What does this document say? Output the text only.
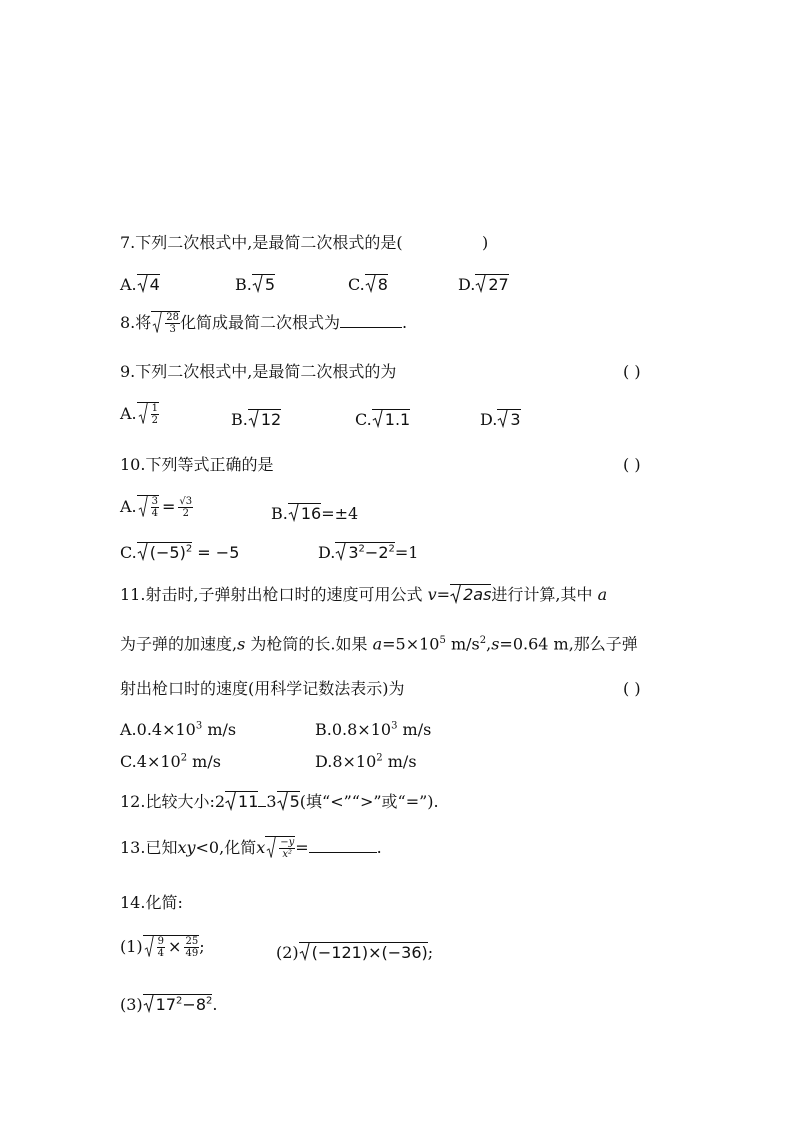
7.下列二次根式中,是最简二次根式的是(	)
A. 4	B. 5	C. 8	D. 27
8.将 $\frac{28}{3}$ 化简成最简二次根式为	.
9.下列二次根式中,是最简二次根式的为	( )
A. $\frac{1}{2}$	B. 12	C. 1.1	D. 3
10.下列等式正确的是	( )
A. $\frac{3}{4} = \frac{√3}{2}$	B. 16=±4
C. $(-5)^2 = -5$	D. $3^2-2^2=1$
11.射击时,子弹射出枪口时的速度可用公式 v= 2as进行计算,其中 a
为子弹的加速度,s 为枪筒的长.如果 $a=5\times 10^5$ $m/s^2,s=0.64$ m,那么子弹
射出枪口时的速度(用科学记数法表示)为	( )
$A.0.4\times 10^3$ m/s	$B.0.8\times 10^3$ m/s
$C.4\times 10^2$ m/s	$D.8\times 10^2$ m/s
12.比较大小:2 11 3 5(填“<”“>”或“=”).
13.已知xy<0,化简x $\frac{-y}{\text{x²}}$ =	.
14.化简:
$(1) \frac{9}{4} \times \frac{25}{49}$ ;	(2) (−121)×(−36);
(3) $17^2-8^2$.
